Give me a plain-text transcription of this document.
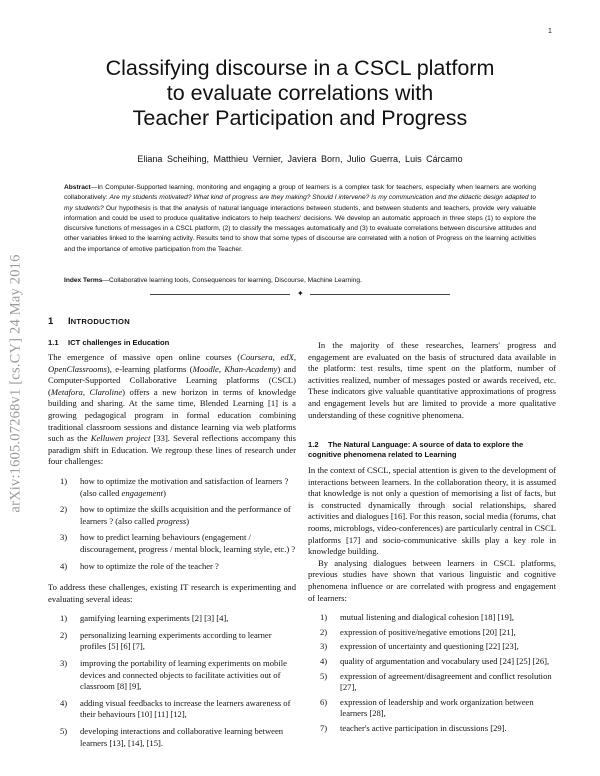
1
arXiv:1605.07268v1 [cs.CY] 24 May 2016
Classifying discourse in a CSCL platform
to evaluate correlations with
Teacher Participation and Progress
Eliana Scheihing, Matthieu Vernier, Javiera Born, Julio Guerra, Luis Cárcamo
Abstract—In Computer-Supported learning, monitoring and engaging a group of learners is a complex task for teachers, especially when learners are working collaboratively: Are my students motivated? What kind of progress are they making? Should I intervene? Is my communication and the didactic design adapted to my students? Our hypothesis is that the analysis of natural language interactions between students, and between students and teachers, provide very valuable information and could be used to produce qualitative indicators to help teachers' decisions. We develop an automatic approach in three steps (1) to explore the discursive functions of messages in a CSCL platform, (2) to classify the messages automatically and (3) to evaluate correlations between discursive attitudes and other variables linked to the learning activity. Results tend to show that some types of discourse are correlated with a notion of Progress on the learning activities and the importance of emotive participation from the Teacher.
Index Terms—Collaborative learning tools, Consequences for learning, Discourse, Machine Learning.
✦
1 INTRODUCTION
1.1 ICT challenges in Education

The emergence of massive open online courses (Coursera, edX, OpenClassrooms), e-learning platforms (Moodle, Khan-Academy) and Computer-Supported Collaborative Learning platforms (CSCL) (Metafora, Claroline) offers a new horizon in terms of knowledge building and sharing. At the same time, Blended Learning [1] is a growing pedagogical program in formal education combining traditional classroom sessions and distance learning via web platforms such as the Kelluwen project [33]. Several reflections accompany this paradigm shift in Education. We regroup these lines of research under four challenges:

1) how to optimize the motivation and satisfaction of learners ? (also called engagement)
2) how to optimize the skills acquisition and the performance of learners ? (also called progress)
3) how to predict learning behaviours (engagement / discouragement, progress / mental block, learning style, etc.) ?
4) how to optimize the role of the teacher ?

To address these challenges, existing IT research is experimenting and evaluating several ideas:

1) gamifying learning experiments [2] [3] [4],
2) personalizing learning experiments according to learner profiles [5] [6] [7],
3) improving the portability of learning experiments on mobile devices and connected objects to facilitate activities out of classroom [8] [9],
4) adding visual feedbacks to increase the learners awareness of their behaviours [10] [11] [12],
5) developing interactions and collaborative learning between learners [13], [14], [15].

In the majority of these researches, learners' progress and engagement are evaluated on the basis of structured data available in the platform: test results, time spent on the platform, number of activities realized, number of messages posted or awards received, etc. These indicators give valuable quantitative approximations of progress and engagement levels but are limited to provide a more qualitative understanding of these cognitive phenomena.

1.2 The Natural Language: A source of data to explore the cognitive phenomena related to Learning

In the context of CSCL, special attention is given to the development of interactions between learners. In the collaboration theory, it is assumed that knowledge is not only a question of memorising a list of facts, but is constructed dynamically through social relationships, shared activities and dialogues [16]. For this reason, social media (forums, chat rooms, microblogs, video-conferences) are particularly central in CSCL platforms [17] and socio-communicative skills play a key role in knowledge building.

By analysing dialogues between learners in CSCL platforms, previous studies have shown that various linguistic and cognitive phenomena influence or are correlated with progress and engagement of learners:

1) mutual listening and dialogical cohesion [18] [19],
2) expression of positive/negative emotions [20] [21],
3) expression of uncertainty and questioning [22] [23],
4) quality of argumentation and vocabulary used [24] [25] [26],
5) expression of agreement/disagreement and conflict resolution [27],
6) expression of leadership and work organization between learners [28],
7) teacher's active participation in discussions [29].
